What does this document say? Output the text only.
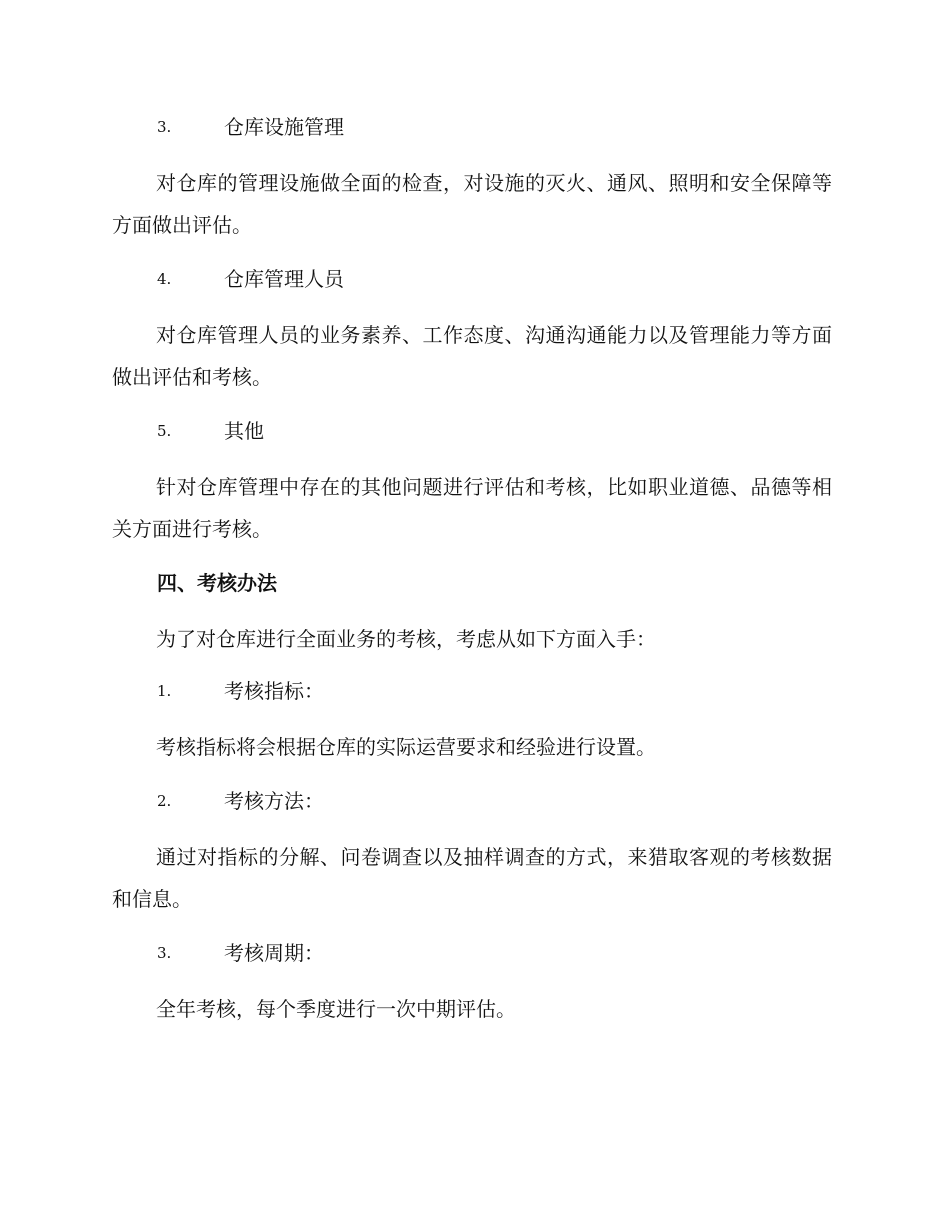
3.	仓库设施管理
对仓库的管理设施做全面的检查，对设施的灭火、通风、照明和安全保障等方面做出评估。
4.	仓库管理人员
对仓库管理人员的业务素养、工作态度、沟通沟通能力以及管理能力等方面做出评估和考核。
5.	其他
针对仓库管理中存在的其他问题进行评估和考核，比如职业道德、品德等相关方面进行考核。
四、考核办法
为了对仓库进行全面业务的考核，考虑从如下方面入手：
1.	考核指标：
考核指标将会根据仓库的实际运营要求和经验进行设置。
2.	考核方法：
通过对指标的分解、问卷调查以及抽样调查的方式，来猎取客观的考核数据和信息。
3.	考核周期：
全年考核，每个季度进行一次中期评估。
